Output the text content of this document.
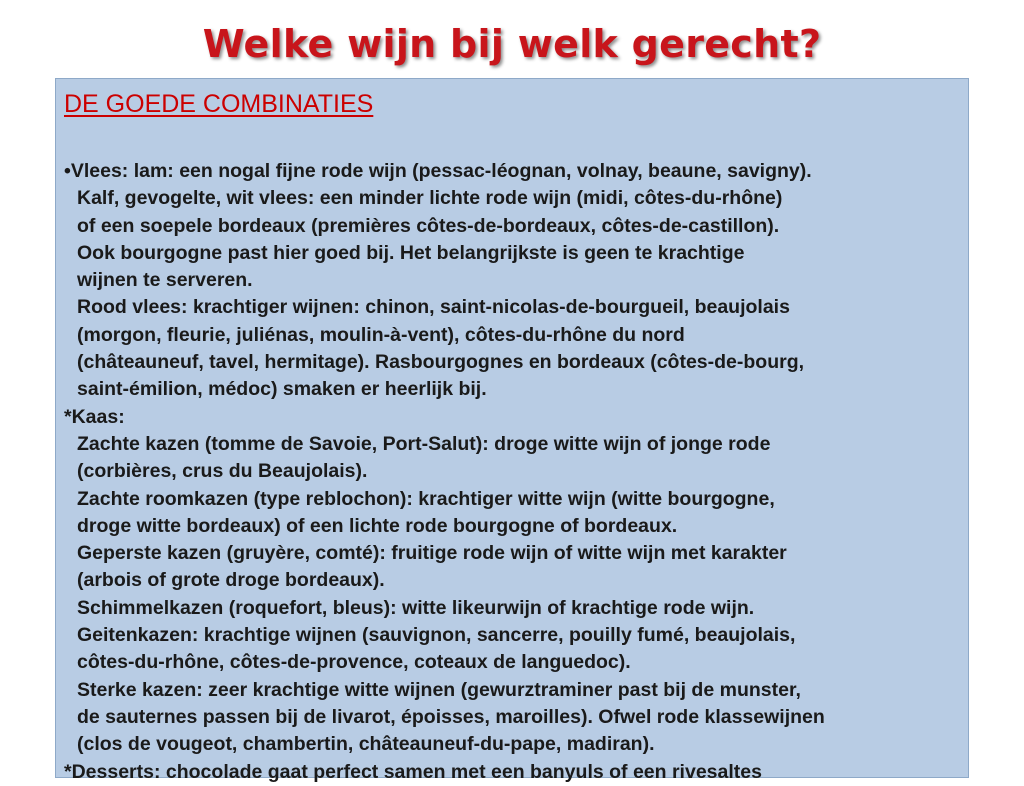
Welke wijn bij welk gerecht?
DE GOEDE COMBINATIES
•Vlees: lam: een nogal fijne rode wijn (pessac-léognan, volnay, beaune, savigny).
Kalf, gevogelte, wit vlees: een minder lichte rode wijn (midi, côtes-du-rhône)
of een soepele bordeaux (premières côtes-de-bordeaux, côtes-de-castillon).
Ook bourgogne past hier goed bij. Het belangrijkste is geen te krachtige
wijnen te serveren.
Rood vlees: krachtiger wijnen: chinon, saint-nicolas-de-bourgueil, beaujolais
(morgon, fleurie, juliénas, moulin-à-vent), côtes-du-rhône du nord
(châteauneuf, tavel, hermitage). Rasbourgognes en bordeaux (côtes-de-bourg,
saint-émilion, médoc) smaken er heerlijk bij.
*Kaas:
Zachte kazen (tomme de Savoie, Port-Salut): droge witte wijn of jonge rode
(corbières, crus du Beaujolais).
Zachte roomkazen (type reblochon): krachtiger witte wijn (witte bourgogne,
droge witte bordeaux) of een lichte rode bourgogne of bordeaux.
Geperste kazen (gruyère, comté): fruitige rode wijn of witte wijn met karakter
(arbois of grote droge bordeaux).
Schimmelkazen (roquefort, bleus): witte likeurwijn of krachtige rode wijn.
Geitenkazen: krachtige wijnen (sauvignon, sancerre, pouilly fumé, beaujolais,
côtes-du-rhône, côtes-de-provence, coteaux de languedoc).
Sterke kazen: zeer krachtige witte wijnen (gewurztraminer past bij de munster,
de sauternes passen bij de livarot, époisses, maroilles). Ofwel rode klassewijnen
(clos de vougeot, chambertin, châteauneuf-du-pape, madiran).
*Desserts: chocolade gaat perfect samen met een banyuls of een rivesaltes
